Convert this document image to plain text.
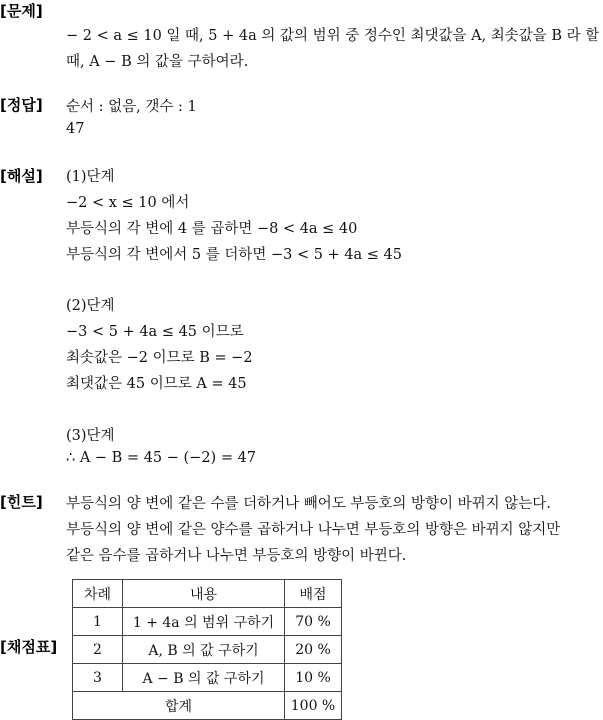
[문제]
[정답]
[해설]
[힌트]
[채점표]
− 2 < a ≤ 10 일 때, 5 + 4a 의 값의 범위 중 정수인 최댓값을 A, 최솟값을 B 라 할
때, A − B 의 값을 구하여라.
순서 : 없음, 갯수 : 1
47
(1)단계
−2 < x ≤ 10 에서
부등식의 각 변에 4 를 곱하면 −8 < 4a ≤ 40
부등식의 각 변에서 5 를 더하면 −3 < 5 + 4a ≤ 45
(2)단계
−3 < 5 + 4a ≤ 45 이므로
최솟값은 −2 이므로 B = −2
최댓값은 45 이므로 A = 45
(3)단계
∴ A − B = 45 − (−2) = 47
부등식의 양 변에 같은 수를 더하거나 빼어도 부등호의 방향이 바뀌지 않는다.
부등식의 양 변에 같은 양수를 곱하거나 나누면 부등호의 방향은 바뀌지 않지만
같은 음수를 곱하거나 나누면 부등호의 방향이 바뀐다.
차례	내용	배점
1	1 + 4a 의 범위 구하기	70 %
2	A, B 의 값 구하기	20 %
3	A − B 의 값 구하기	10 %
합계		100 %
